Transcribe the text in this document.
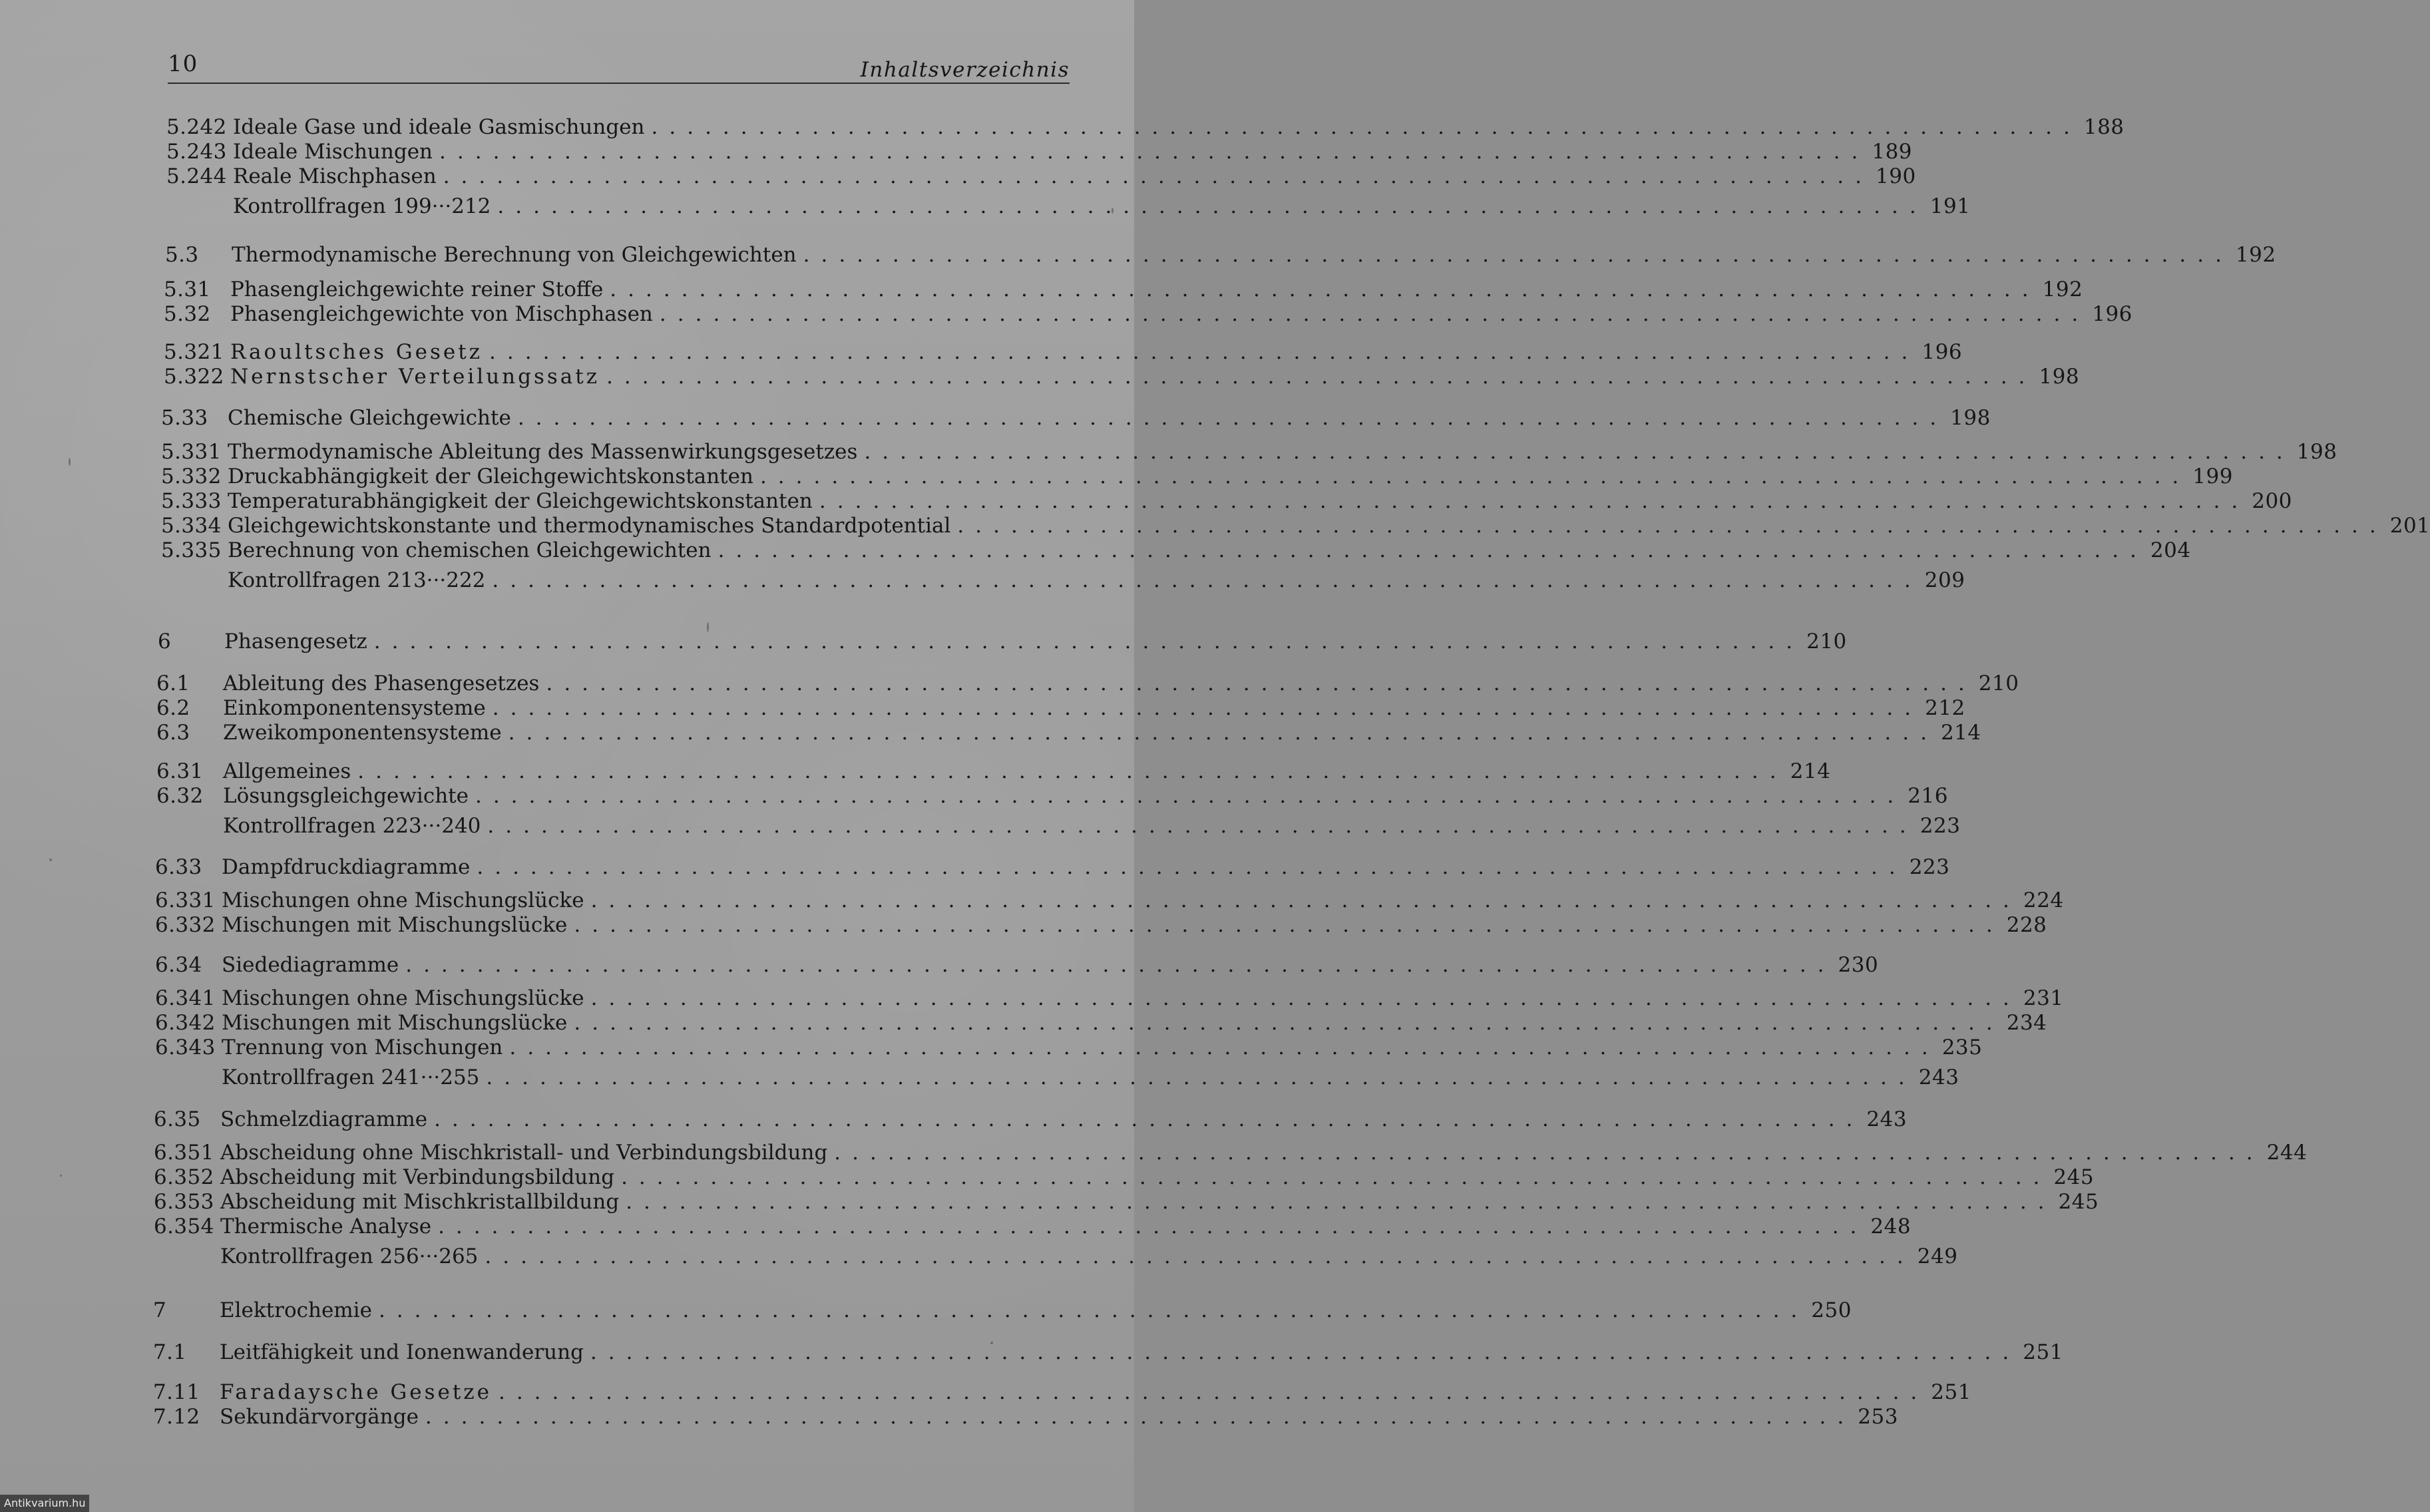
10	Inhaltsverzeichnis
5.242 Ideale Gase und ideale Gasmischungen ................................................................................ 188
5.243 Ideale Mischungen ................................................................................ 189
5.244 Reale Mischphasen ................................................................................ 190
Kontrollfragen 199···212 ................................................................................ 191
5.3	Thermodynamische Berechnung von Gleichgewichten ................................................................................ 192
5.31 Phasengleichgewichte reiner Stoffe ................................................................................ 192
5.32 Phasengleichgewichte von Mischphasen ................................................................................ 196
5.321 Raoultsches Gesetz ................................................................................ 196
5.322 Nernstscher Verteilungssatz ................................................................................ 198
5.33 Chemische Gleichgewichte ................................................................................ 198
5.331 Thermodynamische Ableitung des Massenwirkungsgesetzes ................................................................................ 198
5.332 Druckabhängigkeit der Gleichgewichtskonstanten ................................................................................ 199
5.333 Temperaturabhängigkeit der Gleichgewichtskonstanten ................................................................................ 200
5.334 Gleichgewichtskonstante und thermodynamisches Standardpotential ................................................................................ 201
5.335 Berechnung von chemischen Gleichgewichten ................................................................................ 204
Kontrollfragen 213···222 ................................................................................ 209
6	Phasengesetz ................................................................................ 210
6.1	Ableitung des Phasengesetzes ................................................................................ 210
6.2	Einkomponentensysteme ................................................................................ 212
6.3	Zweikomponentensysteme ................................................................................ 214
6.31 Allgemeines ................................................................................ 214
6.32 Lösungsgleichgewichte ................................................................................ 216
Kontrollfragen 223···240 ................................................................................ 223
6.33 Dampfdruckdiagramme ................................................................................ 223
6.331 Mischungen ohne Mischungslücke ................................................................................ 224
6.332 Mischungen mit Mischungslücke ................................................................................ 228
6.34 Siedediagramme ................................................................................ 230
6.341 Mischungen ohne Mischungslücke ................................................................................ 231
6.342 Mischungen mit Mischungslücke ................................................................................ 234
6.343 Trennung von Mischungen ................................................................................ 235
Kontrollfragen 241···255 ................................................................................ 243
6.35 Schmelzdiagramme ................................................................................ 243
6.351 Abscheidung ohne Mischkristall- und Verbindungsbildung ................................................................................ 244
6.352 Abscheidung mit Verbindungsbildung ................................................................................ 245
6.353 Abscheidung mit Mischkristallbildung ................................................................................ 245
6.354 Thermische Analyse ................................................................................ 248
Kontrollfragen 256···265 ................................................................................ 249
7	Elektrochemie ................................................................................ 250
7.1	Leitfähigkeit und Ionenwanderung ................................................................................ 251
7.11 Faradaysche Gesetze ................................................................................ 251
7.12 Sekundärvorgänge ................................................................................ 253
Antikvarium.hu
